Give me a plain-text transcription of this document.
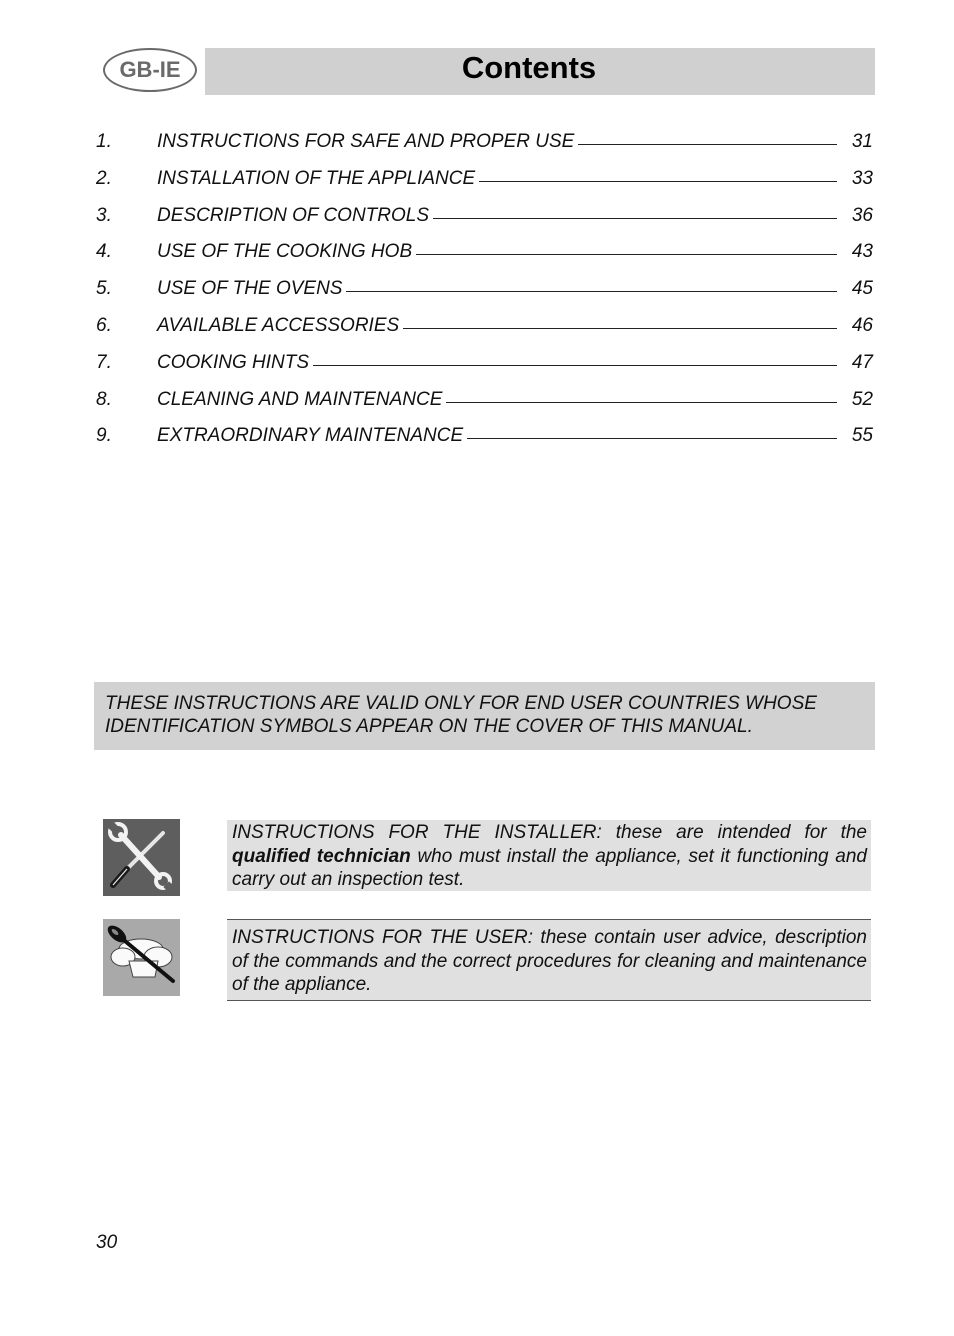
GB-IE	Contents
1.	INSTRUCTIONS FOR SAFE AND PROPER USE	31
2.	INSTALLATION OF THE APPLIANCE	33
3.	DESCRIPTION OF CONTROLS	36
4.	USE OF THE COOKING HOB	43
5.	USE OF THE OVENS	45
6.	AVAILABLE ACCESSORIES	46
7.	COOKING HINTS	47
8.	CLEANING AND MAINTENANCE	52
9.	EXTRAORDINARY MAINTENANCE	55
THESE INSTRUCTIONS ARE VALID ONLY FOR END USER COUNTRIES WHOSE IDENTIFICATION SYMBOLS APPEAR ON THE COVER OF THIS MANUAL.
INSTRUCTIONS FOR THE INSTALLER: these are intended for the qualified technician who must install the appliance, set it functioning and carry out an inspection test.
INSTRUCTIONS FOR THE USER: these contain user advice, description of the commands and the correct procedures for cleaning and maintenance of the appliance.
30
